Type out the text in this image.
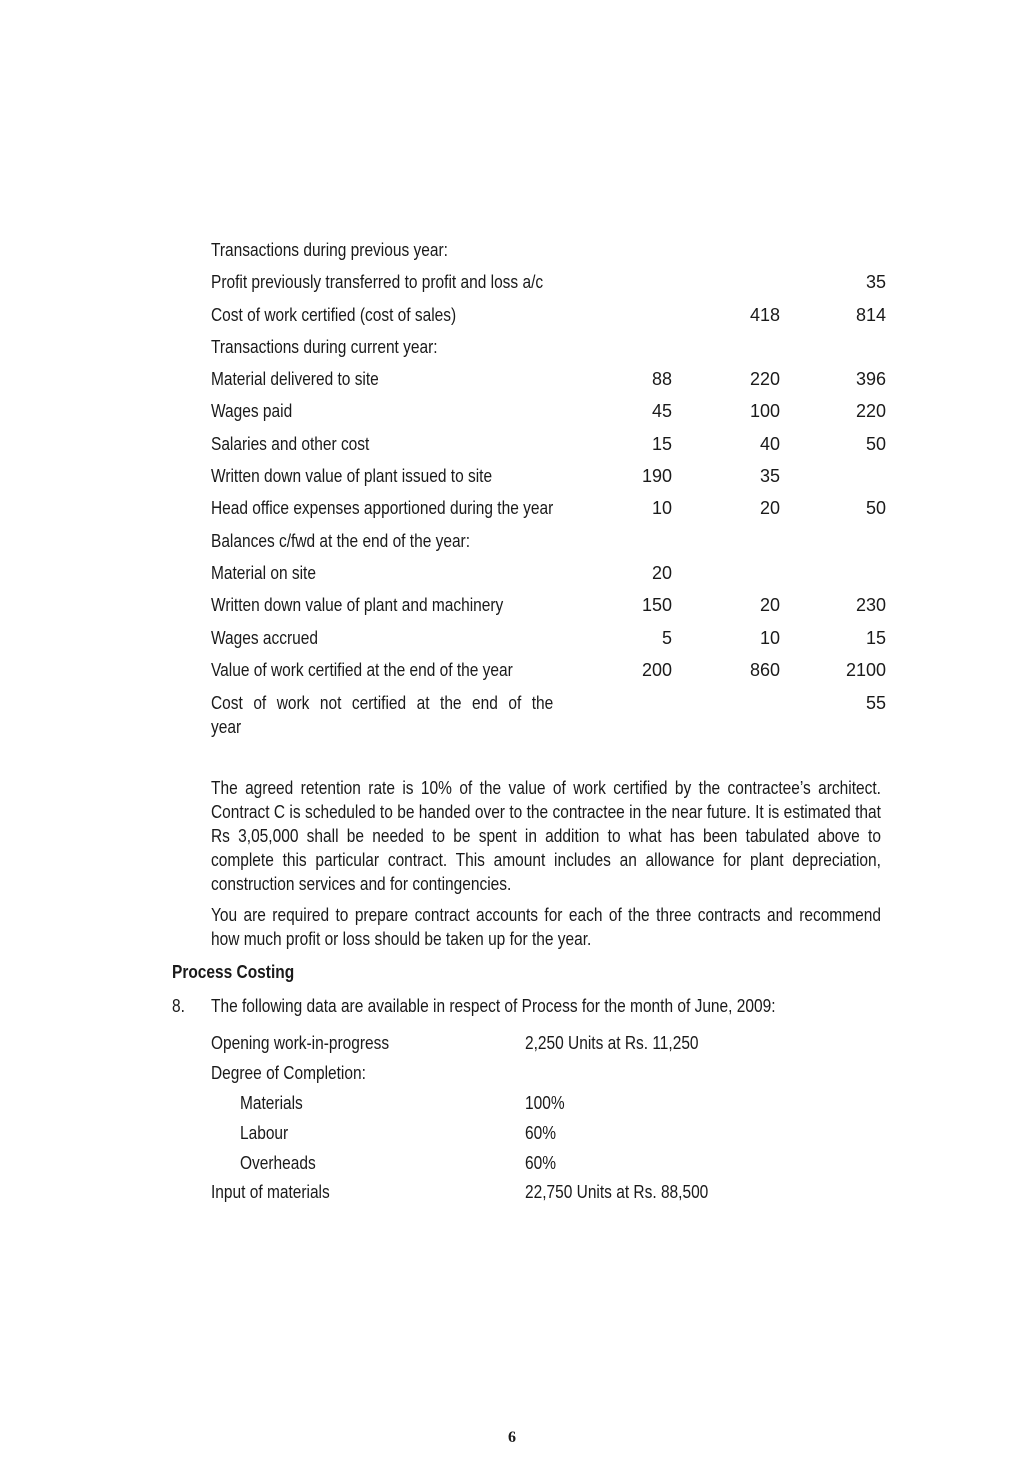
Transactions during previous year:			
Profit previously transferred to profit and loss a/c			35
Cost of work certified (cost of sales)		418	814
Transactions during current year:			
Material delivered to site	88	220	396
Wages paid	45	100	220
Salaries and other cost	15	40	50
Written down value of plant issued to site	190	35	
Head office expenses apportioned during the year	10	20	50
Balances c/fwd at the end of the year:			
Material on site	20		
Written down value of plant and machinery	150	20	230
Wages accrued	5	10	15
Value of work certified at the end of the year	200	860	2100

Cost of work not certified at the end of the
year			55
The agreed retention rate is 10% of the value of work certified by the contractee’s architect. Contract C is scheduled to be handed over to the contractee in the near future. It is estimated that Rs 3,05,000 shall be needed to be spent in addition to what has been tabulated above to complete this particular contract. This amount includes an allowance for plant depreciation, construction services and for contingencies.
You are required to prepare contract accounts for each of the three contracts and recommend how much profit or loss should be taken up for the year.
Process Costing
8. The following data are available in respect of Process for the month of June, 2009:
Opening work-in-progress	2,250 Units at Rs. 11,250
Degree of Completion:
Materials	100%
Labour	60%
Overheads	60%
Input of materials	22,750 Units at Rs. 88,500
6
